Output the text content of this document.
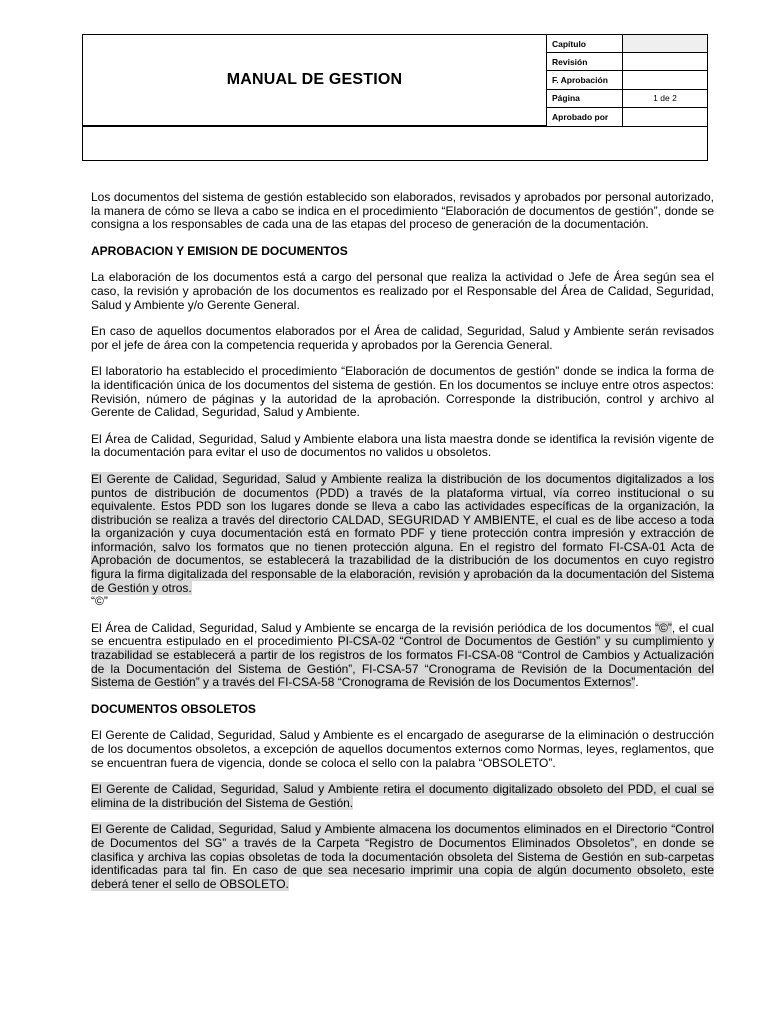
MANUAL DE GESTION
Capítulo
Revisión
F. Aprobación
Página	1 de 2
Aprobado por

Los documentos del sistema de gestión establecido son elaborados, revisados y aprobados por personal autorizado, la manera de cómo se lleva a cabo se indica en el procedimiento “Elaboración de documentos de gestión”, donde se consigna a los responsables de cada una de las etapas del proceso de generación de la documentación.

APROBACION Y EMISION DE DOCUMENTOS

La elaboración de los documentos está a cargo del personal que realiza la actividad o Jefe de Área según sea el caso, la revisión y aprobación de los documentos es realizado por el Responsable del Área de Calidad, Seguridad, Salud y Ambiente y/o Gerente General.

En caso de aquellos documentos elaborados por el Área de calidad, Seguridad, Salud y Ambiente serán revisados por el jefe de área con la competencia requerida y aprobados por la Gerencia General.

El laboratorio ha establecido el procedimiento “Elaboración de documentos de gestión” donde se indica la forma de la identificación única de los documentos del sistema de gestión. En los documentos se incluye entre otros aspectos: Revisión, número de páginas y la autoridad de la aprobación. Corresponde la distribución, control y archivo al Gerente de Calidad, Seguridad, Salud y Ambiente.

El Área de Calidad, Seguridad, Salud y Ambiente elabora una lista maestra donde se identifica la revisión vigente de la documentación para evitar el uso de documentos no validos u obsoletos.

El Gerente de Calidad, Seguridad, Salud y Ambiente realiza la distribución de los documentos digitalizados a los puntos de distribución de documentos (PDD) a través de la plataforma virtual, vía correo institucional o su equivalente. Estos PDD son los lugares donde se lleva a cabo las actividades específicas de la organización, la distribución se realiza a través del directorio CALDAD, SEGURIDAD Y AMBIENTE, el cual es de libe acceso a toda la organización y cuya documentación está en formato PDF y tiene protección contra impresión y extracción de información, salvo los formatos que no tienen protección alguna. En el registro del formato FI-CSA-01 Acta de Aprobación de documentos, se establecerá la trazabilidad de la distribución de los documentos en cuyo registro figura la firma digitalizada del responsable de la elaboración, revisión y aprobación da la documentación del Sistema de Gestión y otros.
“©”

El Área de Calidad, Seguridad, Salud y Ambiente se encarga de la revisión periódica de los documentos “©”, el cual se encuentra estipulado en el procedimiento PI-CSA-02 “Control de Documentos de Gestión” y su cumplimiento y trazabilidad se establecerá a partir de los registros de los formatos FI-CSA-08 “Control de Cambios y Actualización de la Documentación del Sistema de Gestión”, FI-CSA-57 “Cronograma de Revisión de la Documentación del Sistema de Gestión” y a través del FI-CSA-58 “Cronograma de Revisión de los Documentos Externos”.

DOCUMENTOS OBSOLETOS

El Gerente de Calidad, Seguridad, Salud y Ambiente es el encargado de asegurarse de la eliminación o destrucción de los documentos obsoletos, a excepción de aquellos documentos externos como Normas, leyes, reglamentos, que se encuentran fuera de vigencia, donde se coloca el sello con la palabra “OBSOLETO”.

El Gerente de Calidad, Seguridad, Salud y Ambiente retira el documento digitalizado obsoleto del PDD, el cual se elimina de la distribución del Sistema de Gestión.

El Gerente de Calidad, Seguridad, Salud y Ambiente almacena los documentos eliminados en el Directorio “Control de Documentos del SG” a través de la Carpeta “Registro de Documentos Eliminados Obsoletos”, en donde se clasifica y archiva las copias obsoletas de toda la documentación obsoleta del Sistema de Gestión en sub-carpetas identificadas para tal fin. En caso de que sea necesario imprimir una copia de algún documento obsoleto, este deberá tener el sello de OBSOLETO.
